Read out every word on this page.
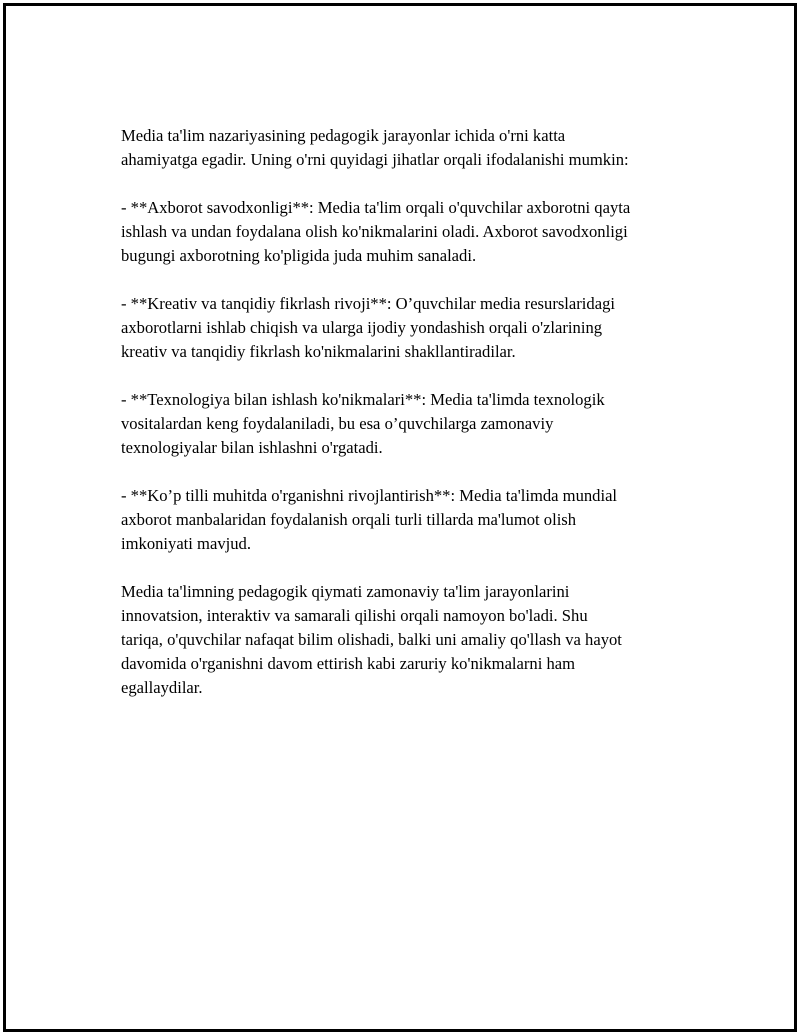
Media ta'lim nazariyasining pedagogik jarayonlar ichida o'rni katta
ahamiyatga egadir. Uning o'rni quyidagi jihatlar orqali ifodalanishi mumkin:

- **Axborot savodxonligi**: Media ta'lim orqali o'quvchilar axborotni qayta
ishlash va undan foydalana olish ko'nikmalarini oladi. Axborot savodxonligi
bugungi axborotning ko'pligida juda muhim sanaladi.

- **Kreativ va tanqidiy fikrlash rivoji**: O’quvchilar media resurslaridagi
axborotlarni ishlab chiqish va ularga ijodiy yondashish orqali o'zlarining
kreativ va tanqidiy fikrlash ko'nikmalarini shakllantiradilar.

- **Texnologiya bilan ishlash ko'nikmalari**: Media ta'limda texnologik
vositalardan keng foydalaniladi, bu esa o’quvchilarga zamonaviy
texnologiyalar bilan ishlashni o'rgatadi.

- **Ko’p tilli muhitda o'rganishni rivojlantirish**: Media ta'limda mundial
axborot manbalaridan foydalanish orqali turli tillarda ma'lumot olish
imkoniyati mavjud.

Media ta'limning pedagogik qiymati zamonaviy ta'lim jarayonlarini
innovatsion, interaktiv va samarali qilishi orqali namoyon bo'ladi. Shu
tariqa, o'quvchilar nafaqat bilim olishadi, balki uni amaliy qo'llash va hayot
davomida o'rganishni davom ettirish kabi zaruriy ko'nikmalarni ham
egallaydilar.
